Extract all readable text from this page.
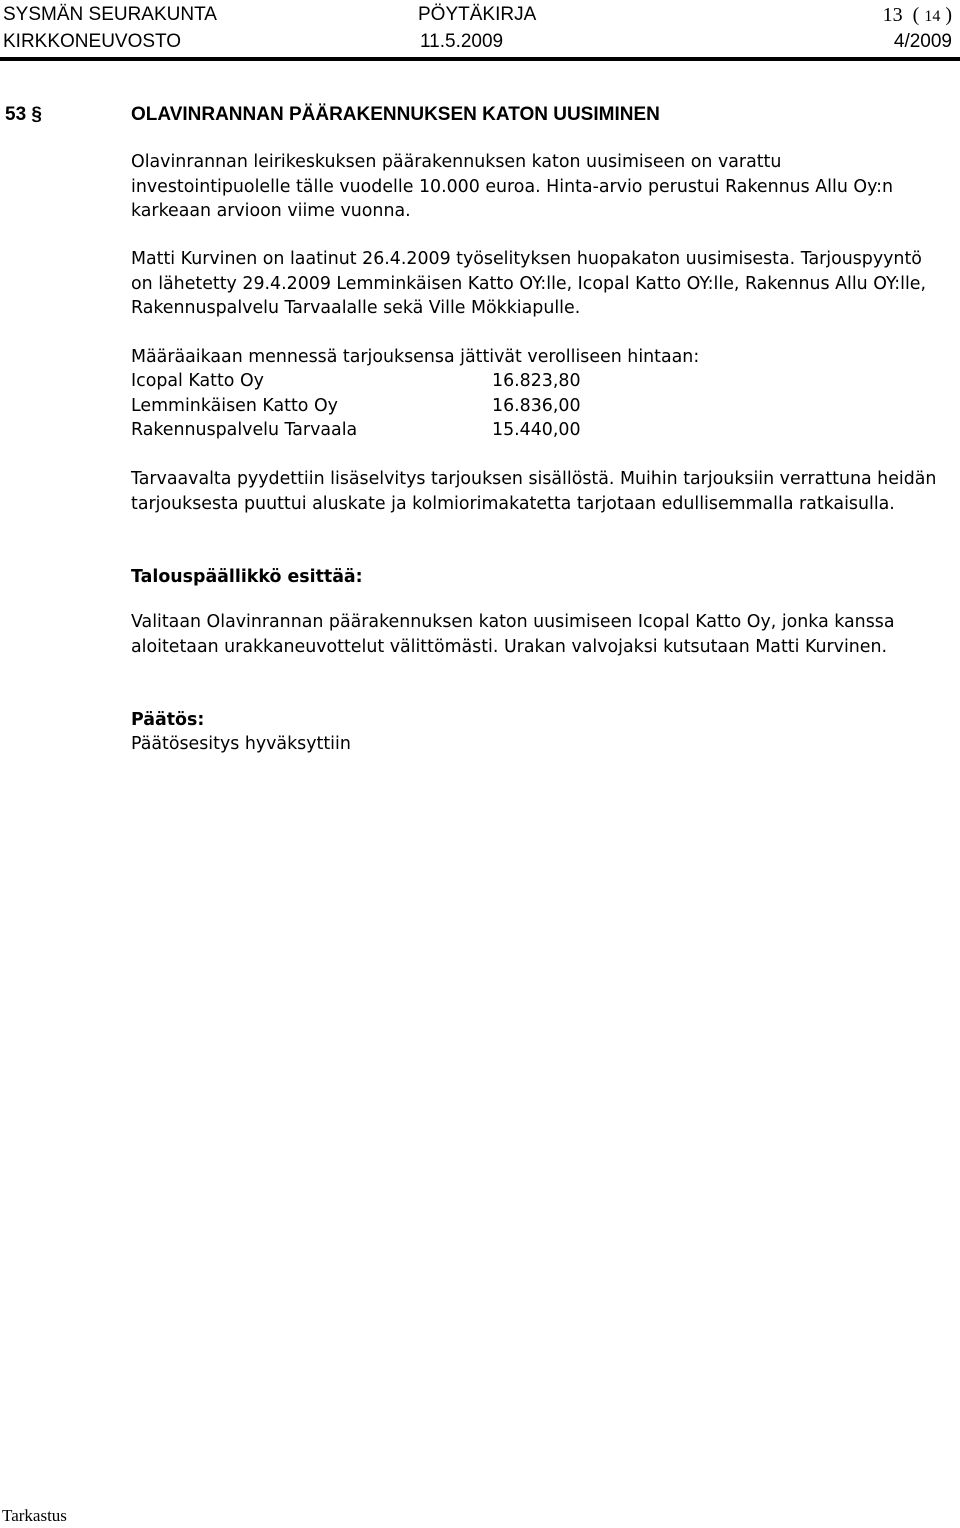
SYSMÄN SEURAKUNTA
KIRKKONEUVOSTO
PÖYTÄKIRJA
11.5.2009
13 ( 14 )
4/2009
53 §	OLAVINRANNAN PÄÄRAKENNUKSEN KATON UUSIMINEN

Olavinrannan leirikeskuksen päärakennuksen katon uusimiseen on varattu investointipuolelle tälle vuodelle 10.000 euroa. Hinta-arvio perustui Rakennus Allu Oy:n karkeaan arvioon viime vuonna.

Matti Kurvinen on laatinut 26.4.2009 työselityksen huopakaton uusimisesta. Tarjouspyyntö on lähetetty 29.4.2009 Lemminkäisen Katto OY:lle, Icopal Katto OY:lle, Rakennus Allu OY:lle, Rakennuspalvelu Tarvaalalle sekä Ville Mökkiapulle.

Määräaikaan mennessä tarjouksensa jättivät verolliseen hintaan:

Icopal Katto Oy	16.823,80
Lemminkäisen Katto Oy	16.836,00
Rakennuspalvelu Tarvaala	15.440,00

Tarvaavalta pyydettiin lisäselvitys tarjouksen sisällöstä. Muihin tarjouksiin verrattuna heidän tarjouksesta puuttui aluskate ja kolmiorimakatetta tarjotaan edullisemmalla ratkaisulla.

Talouspäällikkö esittää:

Valitaan Olavinrannan päärakennuksen katon uusimiseen Icopal Katto Oy, jonka kanssa aloitetaan urakkaneuvottelut välittömästi. Urakan valvojaksi kutsutaan Matti Kurvinen.

Päätös:

Päätösesitys hyväksyttiin

Tarkastus
